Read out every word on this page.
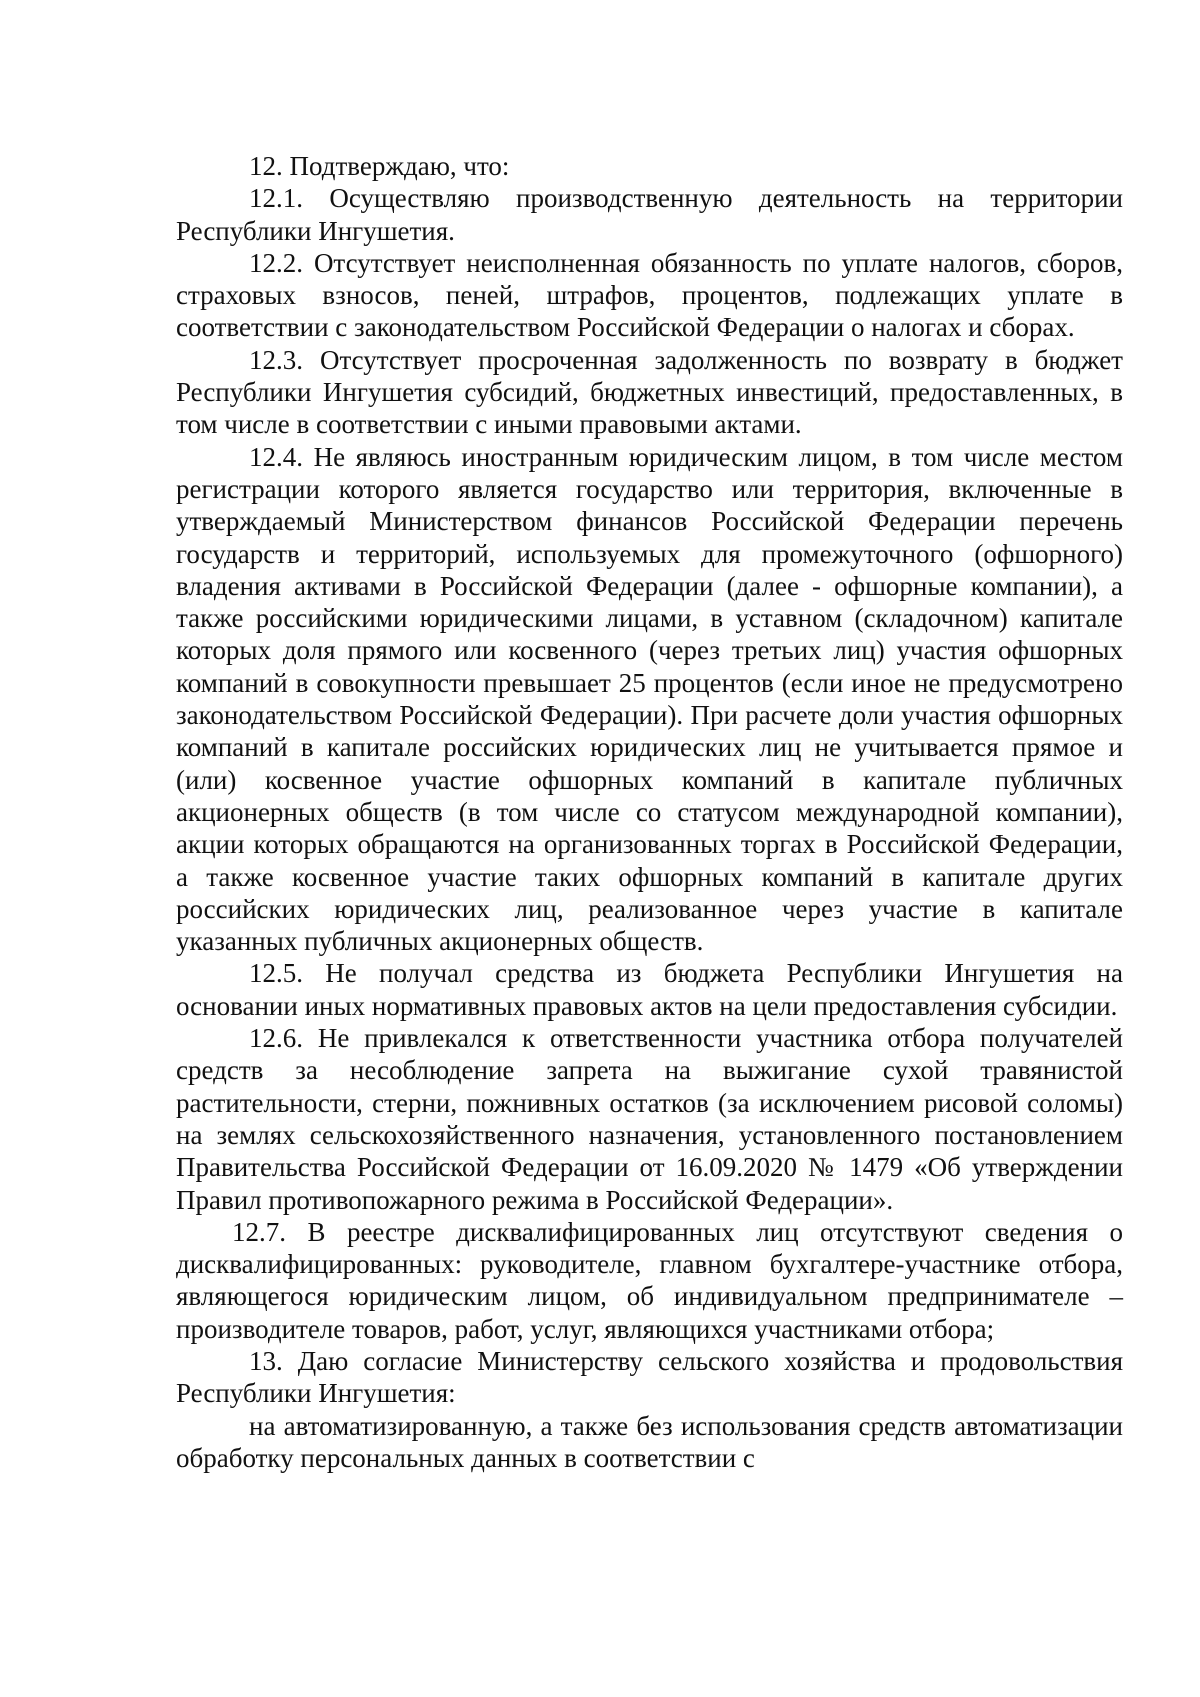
12. Подтверждаю, что:

12.1. Осуществляю производственную деятельность на территории Республики Ингушетия.

12.2. Отсутствует неисполненная обязанность по уплате налогов, сборов, страховых взносов, пеней, штрафов, процентов, подлежащих уплате в соответствии с законодательством Российской Федерации о налогах и сборах.

12.3. Отсутствует просроченная задолженность по возврату в бюджет Республики Ингушетия субсидий, бюджетных инвестиций, предоставленных, в том числе в соответствии с иными правовыми актами.

12.4. Не являюсь иностранным юридическим лицом, в том числе местом регистрации которого является государство или территория, включенные в утверждаемый Министерством финансов Российской Федерации перечень государств и территорий, используемых для промежуточного (офшорного) владения активами в Российской Федерации (далее - офшорные компании), а также российскими юридическими лицами, в уставном (складочном) капитале которых доля прямого или косвенного (через третьих лиц) участия офшорных компаний в совокупности превышает 25 процентов (если иное не предусмотрено законодательством Российской Федерации). При расчете доли участия офшорных компаний в капитале российских юридических лиц не учитывается прямое и (или) косвенное участие офшорных компаний в капитале публичных акционерных обществ (в том числе со статусом международной компании), акции которых обращаются на организованных торгах в Российской Федерации, а также косвенное участие таких офшорных компаний в капитале других российских юридических лиц, реализованное через участие в капитале указанных публичных акционерных обществ.

12.5. Не получал средства из бюджета Республики Ингушетия на основании иных нормативных правовых актов на цели предоставления субсидии.

12.6. Не привлекался к ответственности участника отбора получателей средств за несоблюдение запрета на выжигание сухой травянистой растительности, стерни, пожнивных остатков (за исключением рисовой соломы) на землях сельскохозяйственного назначения, установленного постановлением Правительства Российской Федерации от 16.09.2020 № 1479 «Об утверждении Правил противопожарного режима в Российской Федерации».

12.7. В реестре дисквалифицированных лиц отсутствуют сведения о дисквалифицированных: руководителе, главном бухгалтере-участнике отбора, являющегося юридическим лицом, об индивидуальном предпринимателе – производителе товаров, работ, услуг, являющихся участниками отбора;

13. Даю согласие Министерству сельского хозяйства и продовольствия Республики Ингушетия:

на автоматизированную, а также без использования средств автоматизации обработку персональных данных в соответствии с
